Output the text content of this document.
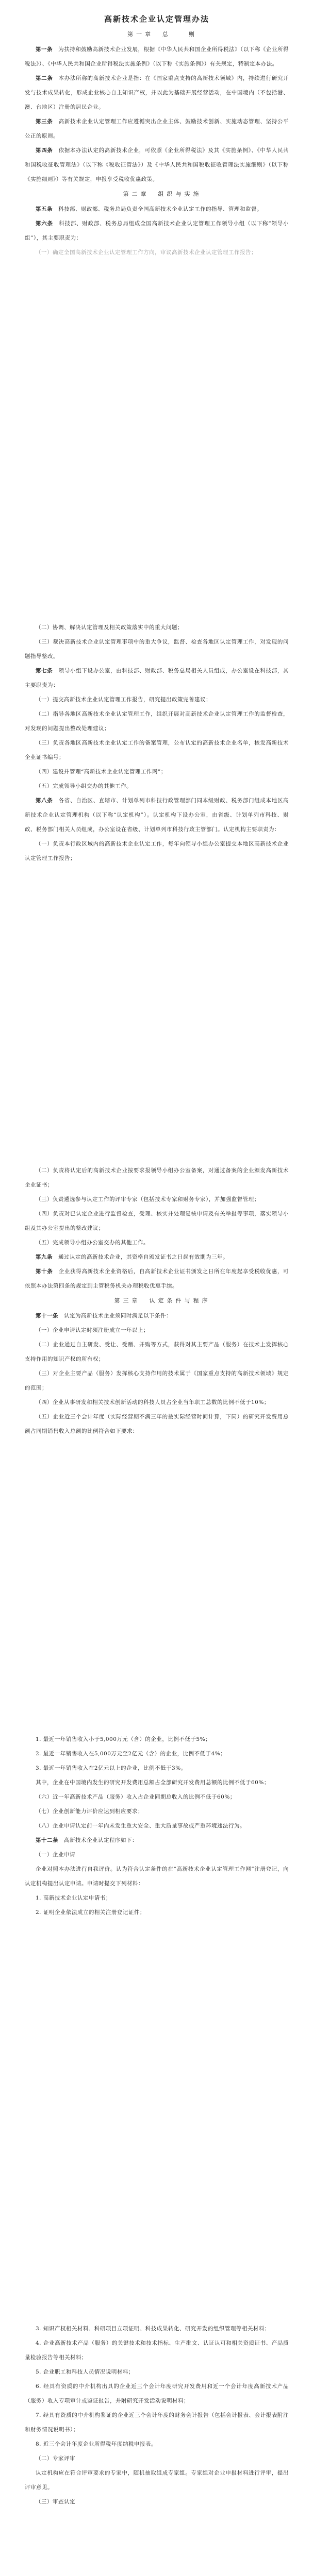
高新技术企业认定管理办法

第一章　总　　则

第一条　 为扶持和鼓励高新技术企业发展，根据《中华人民共和国企业所得税法》（以下称《企业所得税法》）、《中华人民共和国企业所得税法实施条例》（以下称《实施条例》）有关规定，特制定本办法。

第二条　 本办法所称的高新技术企业是指：在《国家重点支持的高新技术领域》内，持续进行研究开发与技术成果转化，形成企业核心自主知识产权，并以此为基础开展经营活动，在中国境内（不包括港、澳、台地区）注册的居民企业。

第三条　 高新技术企业认定管理工作应遵循突出企业主体、鼓励技术创新、实施动态管理、坚持公平公正的原则。

第四条　 依据本办法认定的高新技术企业，可依照《企业所得税法》及其《实施条例》、《中华人民共和国税收征收管理法》（以下称《税收征管法》）及《中华人民共和国税收征收管理法实施细则》（以下称《实施细则》）等有关规定，申报享受税收优惠政策。

第二章　组织与实施

第五条　 科技部、财政部、税务总局负责全国高新技术企业认定工作的指导、管理和监督。

第六条　 科技部、财政部、税务总局组成全国高新技术企业认定管理工作领导小组（以下称“领导小组”），其主要职责为：

（一）确定全国高新技术企业认定管理工作方向，审议高新技术企业认定管理工作报告；

（二）协调、解决认定管理及相关政策落实中的重大问题；

（三）裁决高新技术企业认定管理事项中的重大争议，监督、检查各地区认定管理工作，对发现的问题指导整改。

第七条　 领导小组下设办公室，由科技部、财政部、税务总局相关人员组成，办公室设在科技部，其主要职责为：

（一）提交高新技术企业认定管理工作报告，研究提出政策完善建议；

（二）指导各地区高新技术企业认定管理工作，组织开展对高新技术企业认定管理工作的监督检查，对发现的问题提出整改处理建议；

（三）负责各地区高新技术企业认定工作的备案管理，公布认定的高新技术企业名单，核发高新技术企业证书编号；

（四）建设并管理“高新技术企业认定管理工作网”；

（五）完成领导小组交办的其他工作。

第八条　 各省、自治区、直辖市、计划单列市科技行政管理部门同本级财政、税务部门组成本地区高新技术企业认定管理机构（以下称“认定机构”）。认定机构下设办公室，由省级、计划单列市科技、财政、税务部门相关人员组成，办公室设在省级、计划单列市科技行政主管部门。认定机构主要职责为：

（一）负责本行政区域内的高新技术企业认定工作，每年向领导小组办公室提交本地区高新技术企业认定管理工作报告；

（二）负责将认定后的高新技术企业按要求报领导小组办公室备案，对通过备案的企业颁发高新技术企业证书；

（三）负责遴选参与认定工作的评审专家（包括技术专家和财务专家），并加强监督管理；

（四）负责对已认定企业进行监督检查，受理、核实并处理复核申请及有关举报等事项，落实领导小组及其办公室提出的整改建议；

（五）完成领导小组办公室交办的其他工作。

第九条　 通过认定的高新技术企业，其资格自颁发证书之日起有效期为三年。

第十条　 企业获得高新技术企业资格后，自高新技术企业证书颁发之日所在年度起享受税收优惠，可依照本办法第四条的规定到主管税务机关办理税收优惠手续。

第三章　认定条件与程序

第十一条　 认定为高新技术企业须同时满足以下条件：

（一）企业申请认定时须注册成立一年以上；

（二）企业通过自主研发、受让、受赠、并购等方式，获得对其主要产品（服务）在技术上发挥核心支持作用的知识产权的所有权；

（三）对企业主要产品（服务）发挥核心支持作用的技术属于《国家重点支持的高新技术领域》规定的范围；

（四）企业从事研发和相关技术创新活动的科技人员占企业当年职工总数的比例不低于10%；

（五）企业近三个会计年度（实际经营期不满三年的按实际经营时间计算，下同）的研究开发费用总额占同期销售收入总额的比例符合如下要求：

1. 最近一年销售收入小于5,000万元（含）的企业，比例不低于5%；

2. 最近一年销售收入在5,000万元至2亿元（含）的企业，比例不低于4%；

3. 最近一年销售收入在2亿元以上的企业，比例不低于3%。

其中，企业在中国境内发生的研究开发费用总额占全部研究开发费用总额的比例不低于60%；

（六）近一年高新技术产品（服务）收入占企业同期总收入的比例不低于60%；

（七）企业创新能力评价应达到相应要求；

（八）企业申请认定前一年内未发生重大安全、重大质量事故或严重环境违法行为。

第十二条　 高新技术企业认定程序如下：

（一）企业申请

企业对照本办法进行自我评价。认为符合认定条件的在“高新技术企业认定管理工作网”注册登记，向认定机构提出认定申请。申请时提交下列材料：

1. 高新技术企业认定申请书；

2. 证明企业依法成立的相关注册登记证件；

3. 知识产权相关材料、科研项目立项证明、科技成果转化、研究开发的组织管理等相关材料；

4. 企业高新技术产品（服务）的关键技术和技术指标、生产批文、认证认可和相关资质证书、产品质量检验报告等相关材料；

5. 企业职工和科技人员情况说明材料；

6. 经具有资质的中介机构出具的企业近三个会计年度研究开发费用和近一个会计年度高新技术产品（服务）收入专项审计或鉴证报告，并附研究开发活动说明材料；

7. 经具有资质的中介机构鉴证的企业近三个会计年度的财务会计报告（包括会计报表、会计报表附注和财务情况说明书）；

8. 近三个会计年度企业所得税年度纳税申报表。

（二）专家评审

认定机构应在符合评审要求的专家中，随机抽取组成专家组。专家组对企业申报材料进行评审，提出评审意见。

（三）审查认定
